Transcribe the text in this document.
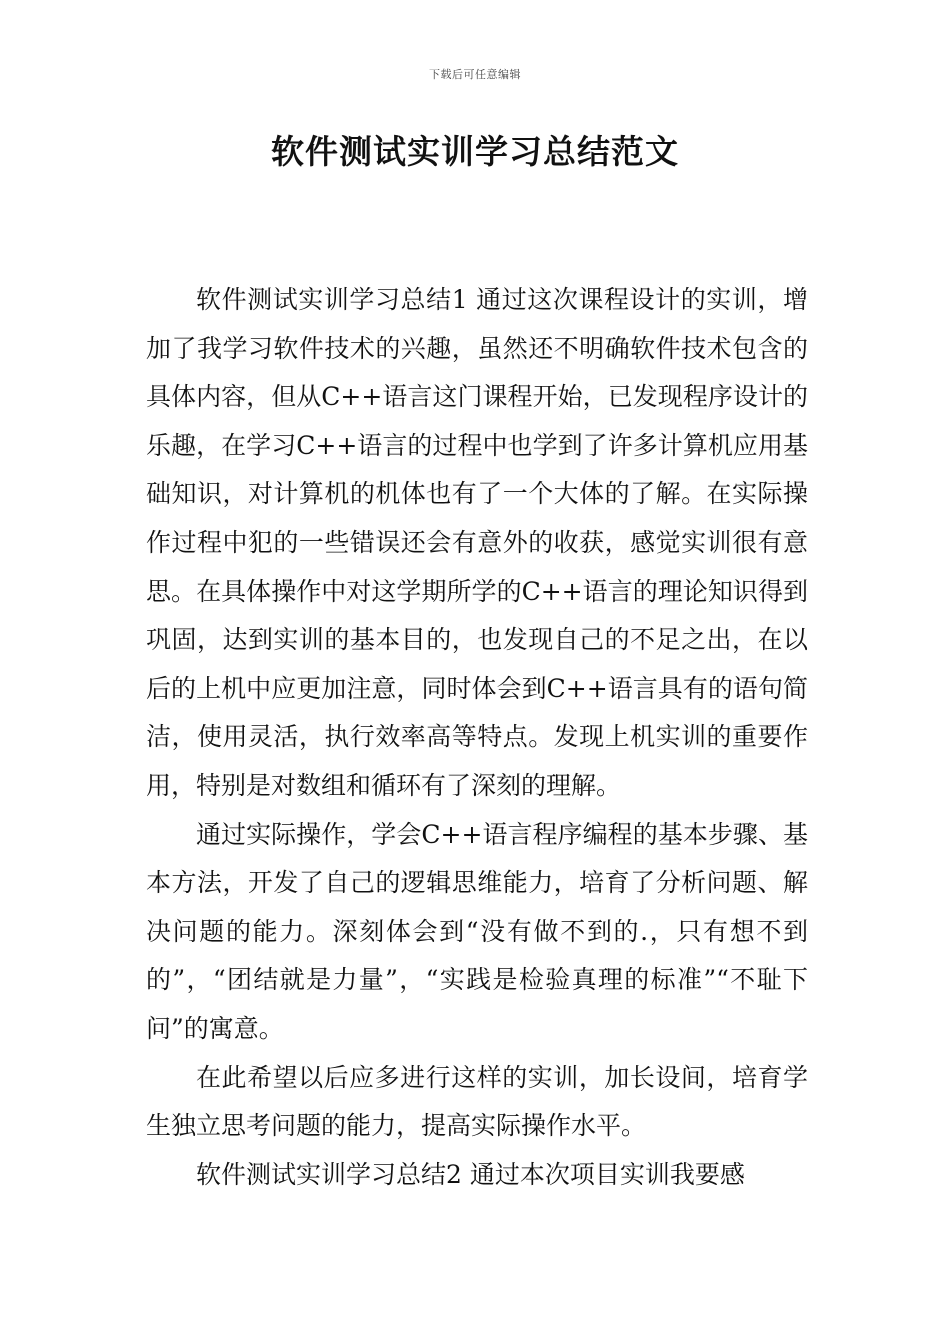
下载后可任意编辑
软件测试实训学习总结范文

软件测试实训学习总结1 通过这次课程设计的实训，增加了我学习软件技术的兴趣，虽然还不明确软件技术包含的具体内容，但从C++语言这门课程开始，已发现程序设计的乐趣，在学习C++语言的过程中也学到了许多计算机应用基础知识，对计算机的机体也有了一个大体的了解。在实际操作过程中犯的一些错误还会有意外的收获，感觉实训很有意思。在具体操作中对这学期所学的C++语言的理论知识得到巩固，达到实训的基本目的，也发现自己的不足之出，在以后的上机中应更加注意，同时体会到C++语言具有的语句简洁，使用灵活，执行效率高等特点。发现上机实训的重要作用，特别是对数组和循环有了深刻的理解。

通过实际操作，学会C++语言程序编程的基本步骤、基本方法，开发了自己的逻辑思维能力，培育了分析问题、解决问题的能力。深刻体会到“没有做不到的.，只有想不到的”，“团结就是力量”，“实践是检验真理的标准”“不耻下问”的寓意。

在此希望以后应多进行这样的实训，加长设间，培育学生独立思考问题的能力，提高实际操作水平。

软件测试实训学习总结2 通过本次项目实训我要感
